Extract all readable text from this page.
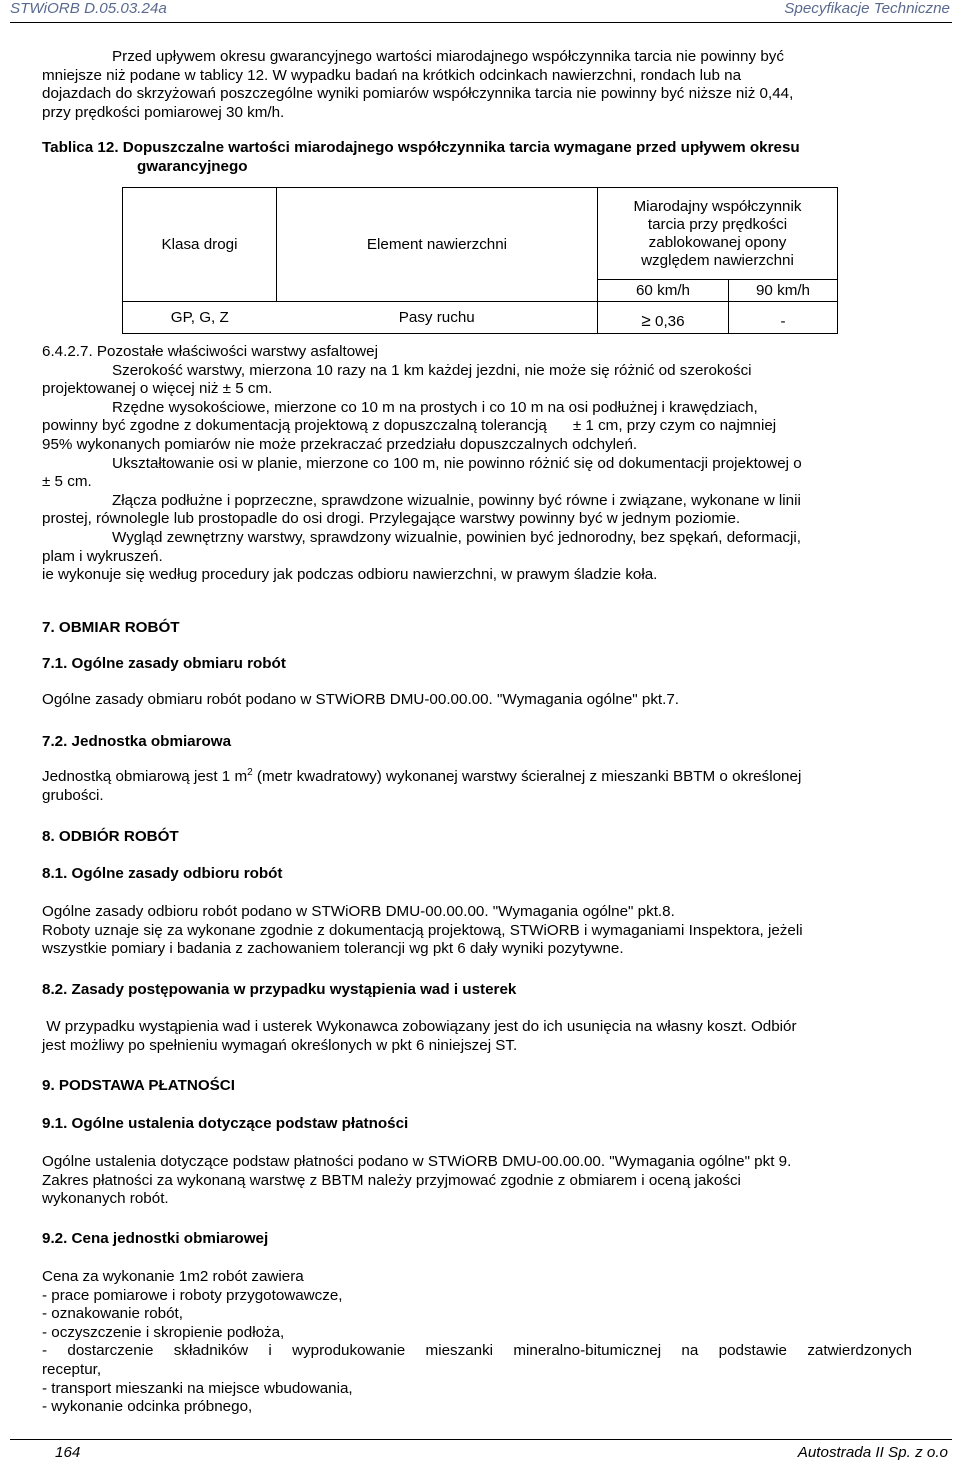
STWiORB D.05.03.24a	Specyfikacje Techniczne
Przed upływem okresu gwarancyjnego wartości miarodajnego współczynnika tarcia nie powinny być
mniejsze niż podane w tablicy 12. W wypadku badań na krótkich odcinkach nawierzchni, rondach lub na
dojazdach do skrzyżowań poszczególne wyniki pomiarów współczynnika tarcia nie powinny być niższe niż 0,44,
przy prędkości pomiarowej 30 km/h.
Tablica 12. Dopuszczalne wartości miarodajnego współczynnika tarcia wymagane przed upływem okresu
gwarancyjnego
Klasa drogi	Element nawierzchni	Miarodajny współczynnik
tarcia przy prędkości
zablokowanej opony
względem nawierzchni	

		60 km/h	90 km/h
GP, G, Z	Pasy ruchu	≥ 0,36	-
6.4.2.7. Pozostałe właściwości warstwy asfaltowej
Szerokość warstwy, mierzona 10 razy na 1 km każdej jezdni, nie może się różnić od szerokości
projektowanej o więcej niż ± 5 cm.
Rzędne wysokościowe, mierzone co 10 m na prostych i co 10 m na osi podłużnej i krawędziach,
powinny być zgodne z dokumentacją projektową z dopuszczalną tolerancją ± 1 cm, przy czym co najmniej
95% wykonanych pomiarów nie może przekraczać przedziału dopuszczalnych odchyleń.
Ukształtowanie osi w planie, mierzone co 100 m, nie powinno różnić się od dokumentacji projektowej o
± 5 cm.
Złącza podłużne i poprzeczne, sprawdzone wizualnie, powinny być równe i związane, wykonane w linii
prostej, równolegle lub prostopadle do osi drogi. Przylegające warstwy powinny być w jednym poziomie.
Wygląd zewnętrzny warstwy, sprawdzony wizualnie, powinien być jednorodny, bez spękań, deformacji,
plam i wykruszeń.
ie wykonuje się według procedury jak podczas odbioru nawierzchni, w prawym śladzie koła.
7. OBMIAR ROBÓT
7.1. Ogólne zasady obmiaru robót
Ogólne zasady obmiaru robót podano w STWiORB DMU-00.00.00. "Wymagania ogólne" pkt.7.
7.2. Jednostka obmiarowa
Jednostką obmiarową jest 1 $m^2$ (metr kwadratowy) wykonanej warstwy ścieralnej z mieszanki BBTM o określonej
grubości.
8. ODBIÓR ROBÓT
8.1. Ogólne zasady odbioru robót
Ogólne zasady odbioru robót podano w STWiORB DMU-00.00.00. "Wymagania ogólne" pkt.8.
Roboty uznaje się za wykonane zgodnie z dokumentacją projektową, STWiORB i wymaganiami Inspektora, jeżeli
wszystkie pomiary i badania z zachowaniem tolerancji wg pkt 6 dały wyniki pozytywne.
8.2. Zasady postępowania w przypadku wystąpienia wad i usterek
W przypadku wystąpienia wad i usterek Wykonawca zobowiązany jest do ich usunięcia na własny koszt. Odbiór
jest możliwy po spełnieniu wymagań określonych w pkt 6 niniejszej ST.
9. PODSTAWA PŁATNOŚCI
9.1. Ogólne ustalenia dotyczące podstaw płatności
Ogólne ustalenia dotyczące podstaw płatności podano w STWiORB DMU-00.00.00. "Wymagania ogólne" pkt 9.
Zakres płatności za wykonaną warstwę z BBTM należy przyjmować zgodnie z obmiarem i oceną jakości
wykonanych robót.
9.2. Cena jednostki obmiarowej
Cena za wykonanie 1m2 robót zawiera
- prace pomiarowe i roboty przygotowawcze,
- oznakowanie robót,
- oczyszczenie i skropienie podłoża,
- dostarczenie składników i wyprodukowanie mieszanki mineralno-bitumicznej na podstawie zatwierdzonych
receptur,
- transport mieszanki na miejsce wbudowania,
- wykonanie odcinka próbnego,
164	Autostrada II Sp. z o.o
